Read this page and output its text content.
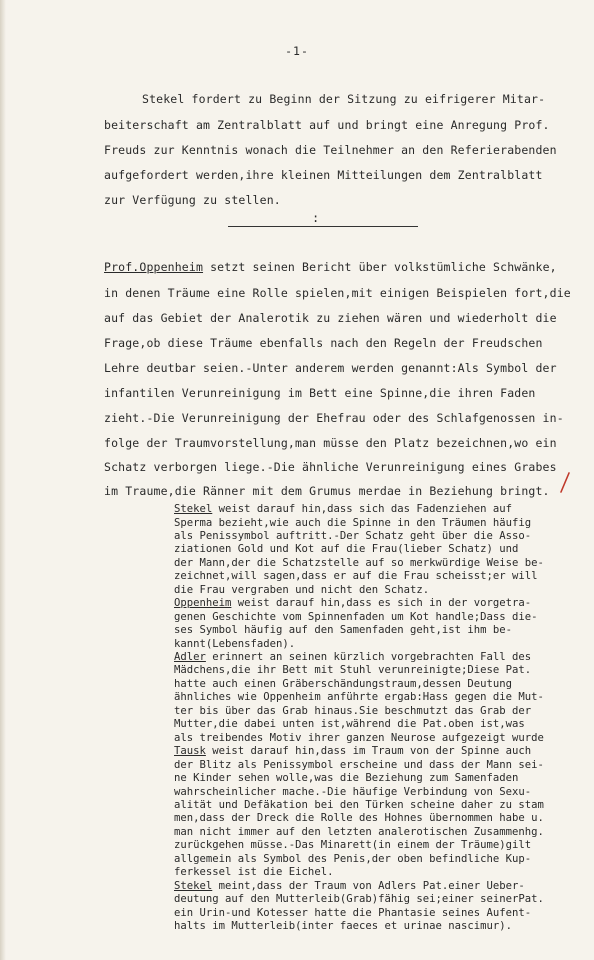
-1-
Stekel fordert zu Beginn der Sitzung zu eifrigerer Mitar-
beiterschaft am Zentralblatt auf und bringt eine Anregung Prof.
Freuds zur Kenntnis wonach die Teilnehmer an den Referierabenden
aufgefordert werden,ihre kleinen Mitteilungen dem Zentralblatt
zur Verfügung zu stellen.
:
Prof.Oppenheim setzt seinen Bericht über volkstümliche Schwänke,
in denen Träume eine Rolle spielen,mit einigen Beispielen fort,die
auf das Gebiet der Analerotik zu ziehen wären und wiederholt die
Frage,ob diese Träume ebenfalls nach den Regeln der Freudschen
Lehre deutbar seien.-Unter anderem werden genannt:Als Symbol der
infantilen Verunreinigung im Bett eine Spinne,die ihren Faden
zieht.-Die Verunreinigung der Ehefrau oder des Schlafgenossen in-
folge der Traumvorstellung,man müsse den Platz bezeichnen,wo ein
Schatz verborgen liege.-Die ähnliche Verunreinigung eines Grabes
im Traume,die Ränner mit dem Grumus merdae in Beziehung bringt.
Stekel weist darauf hin,dass sich das Fadenziehen auf
Sperma bezieht,wie auch die Spinne in den Träumen häufig
als Penissymbol auftritt.-Der Schatz geht über die Asso-
ziationen Gold und Kot auf die Frau(lieber Schatz) und
der Mann,der die Schatzstelle auf so merkwürdige Weise be-
zeichnet,will sagen,dass er auf die Frau scheisst;er will
die Frau vergraben und nicht den Schatz.
Oppenheim weist darauf hin,dass es sich in der vorgetra-
genen Geschichte vom Spinnenfaden um Kot handle;Dass die-
ses Symbol häufig auf den Samenfaden geht,ist ihm be-
kannt(Lebensfaden).
Adler erinnert an seinen kürzlich vorgebrachten Fall des
Mädchens,die ihr Bett mit Stuhl verunreinigte;Diese Pat.
hatte auch einen Gräberschändungstraum,dessen Deutung
ähnliches wie Oppenheim anführte ergab:Hass gegen die Mut-
ter bis über das Grab hinaus.Sie beschmutzt das Grab der
Mutter,die dabei unten ist,während die Pat.oben ist,was
als treibendes Motiv ihrer ganzen Neurose aufgezeigt wurde
Tausk weist darauf hin,dass im Traum von der Spinne auch
der Blitz als Penissymbol erscheine und dass der Mann sei-
ne Kinder sehen wolle,was die Beziehung zum Samenfaden
wahrscheinlicher mache.-Die häufige Verbindung von Sexu-
alität und Defäkation bei den Türken scheine daher zu stam
men,dass der Dreck die Rolle des Hohnes übernommen habe u.
man nicht immer auf den letzten analerotischen Zusammenhg.
zurückgehen müsse.-Das Minarett(in einem der Träume)gilt
allgemein als Symbol des Penis,der oben befindliche Kup-
ferkessel ist die Eichel.
Stekel meint,dass der Traum von Adlers Pat.einer Ueber-
deutung auf den Mutterleib(Grab)fähig sei;einer seinerPat.
ein Urin-und Kotesser hatte die Phantasie seines Aufent-
halts im Mutterleib(inter faeces et urinae nascimur).
